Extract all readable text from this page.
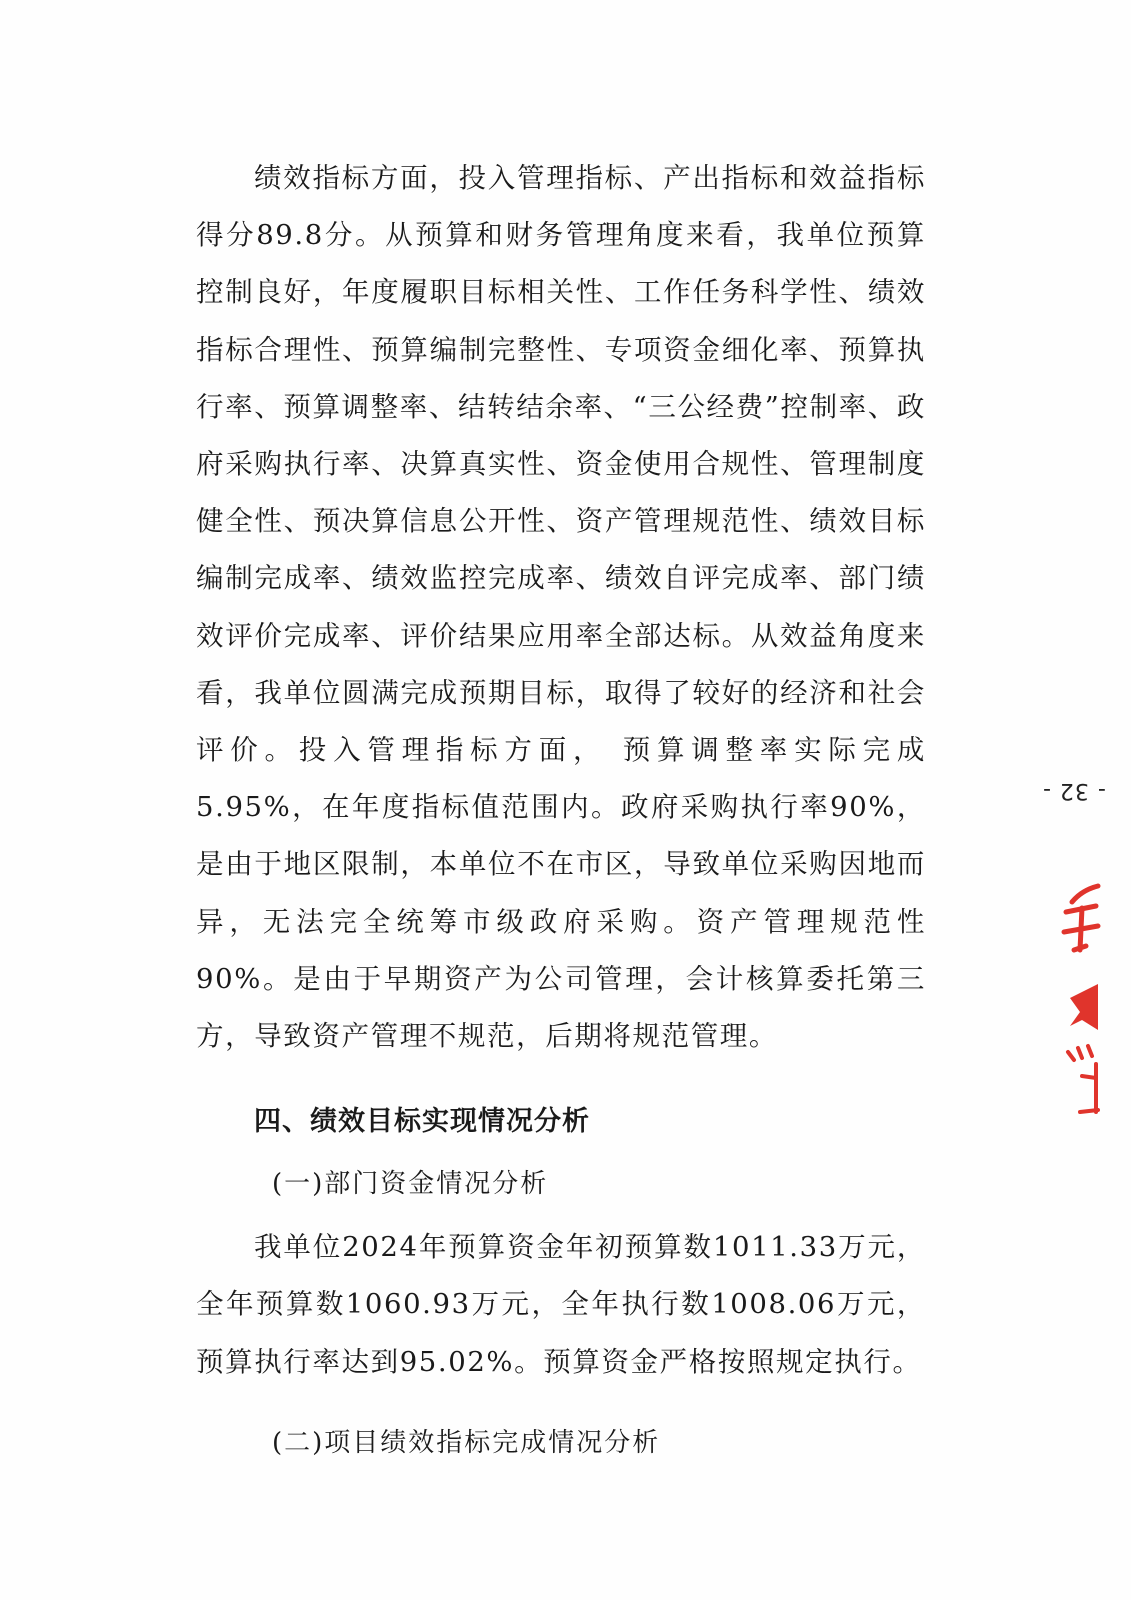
绩效指标方面，投入管理指标、产出指标和效益指标得分89.8分。从预算和财务管理角度来看，我单位预算控制良好，年度履职目标相关性、工作任务科学性、绩效指标合理性、预算编制完整性、专项资金细化率、预算执行率、预算调整率、结转结余率、“三公经费”控制率、政府采购执行率、决算真实性、资金使用合规性、管理制度健全性、预决算信息公开性、资产管理规范性、绩效目标编制完成率、绩效监控完成率、绩效自评完成率、部门绩效评价完成率、评价结果应用率全部达标。从效益角度来看，我单位圆满完成预期目标，取得了较好的经济和社会评价。投入管理指标方面， 预算调整率实际完成5.95%，在年度指标值范围内。政府采购执行率90%，是由于地区限制，本单位不在市区，导致单位采购因地而异，无法完全统筹市级政府采购。资产管理规范性90%。是由于早期资产为公司管理，会计核算委托第三方，导致资产管理不规范，后期将规范管理。

四、绩效目标实现情况分析

(一)部门资金情况分析

我单位2024年预算资金年初预算数1011.33万元，全年预算数1060.93万元，全年执行数1008.06万元，预算执行率达到95.02%。预算资金严格按照规定执行。

(二)项目绩效指标完成情况分析

- 32 -
